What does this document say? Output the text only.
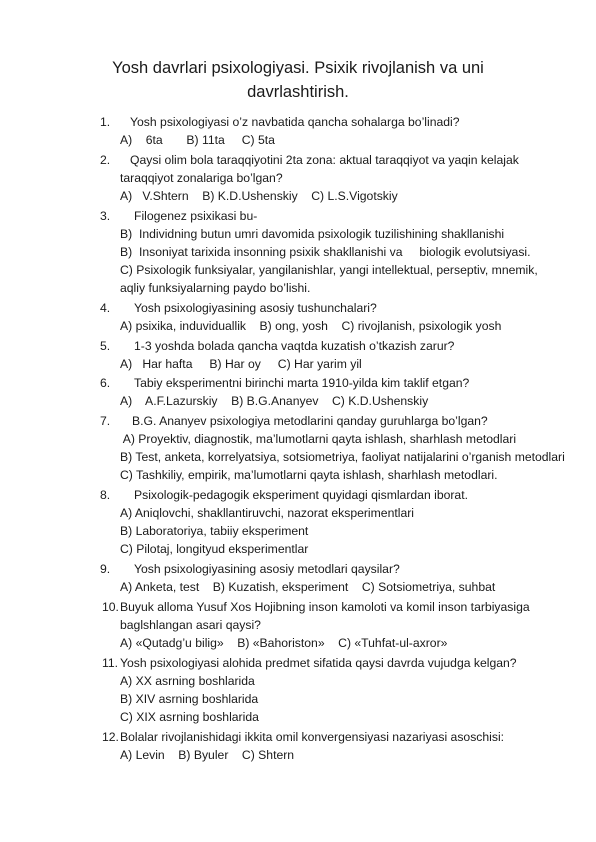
Yosh davrlari psixologiyasi. Psixik rivojlanish va uni
davrlashtirish.
1.	Yosh psixologiyasi o’z navbatida qancha sohalarga bo’linadi?
A)    6ta       B) 11ta     C) 5ta
2.	Qaysi olim bola taraqqiyotini 2ta zona: aktual taraqqiyot va yaqin kelajak taraqqiyot zonalariga bo’lgan?
A)   V.Shtern    B) K.D.Ushenskiy    C) L.S.Vigotskiy
3.	Filogenez psixikasi bu-
B)  Individning butun umri davomida psixologik tuzilishining shakllanishi
B)  Insoniyat tarixida insonning psixik shakllanishi va     biologik evolutsiyasi.
C) Psixologik funksiyalar, yangilanishlar, yangi intellektual, perseptiv, mnemik, aqliy funksiyalarning paydo bo’lishi.
4.	Yosh psixologiyasining asosiy tushunchalari?
A) psixika, induviduallik    B) ong, yosh    C) rivojlanish, psixologik yosh
5.	1-3 yoshda bolada qancha vaqtda kuzatish o’tkazish zarur?
A)   Har hafta     B) Har oy     C) Har yarim yil
6.	Tabiy eksperimentni birinchi marta 1910-yilda kim taklif etgan?
A)    A.F.Lazurskiy    B) B.G.Ananyev    C) K.D.Ushenskiy
7.	B.G. Ananyev psixologiya metodlarini qanday guruhlarga bo’lgan?
A) Proyektiv, diagnostik, ma’lumotlarni qayta ishlash, sharhlash metodlari
B) Test, anketa, korrelyatsiya, sotsiometriya, faoliyat natijalarini o’rganish metodlari
C) Tashkiliy, empirik, ma’lumotlarni qayta ishlash, sharhlash metodlari.
8.	Psixologik-pedagogik eksperiment quyidagi qismlardan iborat.
A) Aniqlovchi, shakllantiruvchi, nazorat eksperimentlari
B) Laboratoriya, tabiiy eksperiment
C) Pilotaj, longityud eksperimentlar
9.	Yosh psixologiyasining asosiy metodlari qaysilar?
A) Anketa, test    B) Kuzatish, eksperiment    C) Sotsiometriya, suhbat
10. Buyuk alloma Yusuf Xos Hojibning inson kamoloti va komil inson tarbiyasiga baglshlangan asari qaysi?
A) «Qutadg’u bilig»    B) «Bahoriston»    C) «Tuhfat-ul-axror»
11. Yosh psixologiyasi alohida predmet sifatida qaysi davrda vujudga kelgan?
A) XX asrning boshlarida
B) XIV asrning boshlarida
C) XIX asrning boshlarida
12. Bolalar rivojlanishidagi ikkita omil konvergensiyasi nazariyasi asoschisi:
A) Levin    B) Byuler    C) Shtern
